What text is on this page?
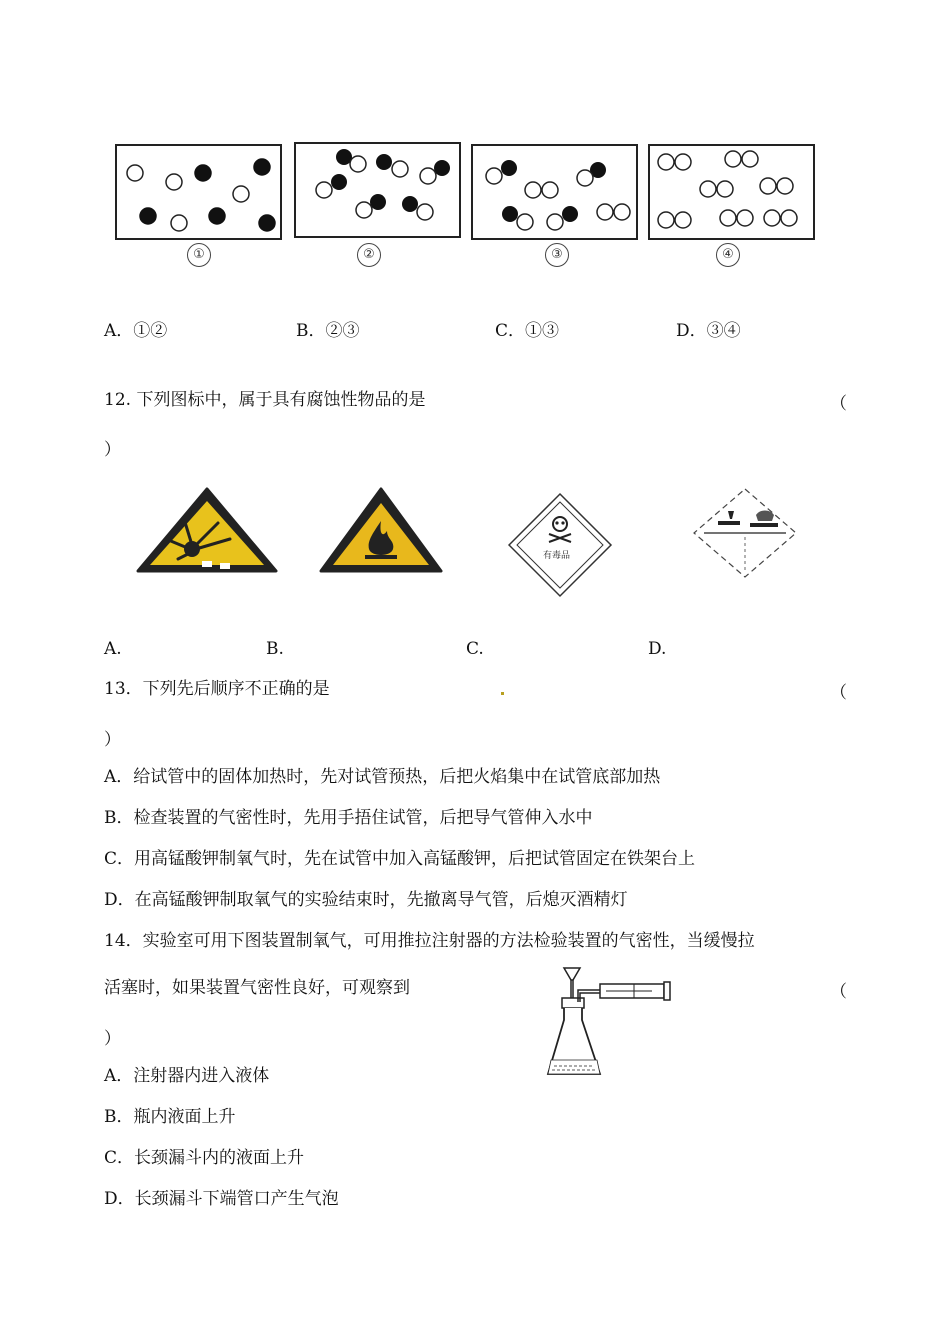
①	②	③	④
A．①②	B．②③	C．①③	D．③④
12. 下列图标中，属于具有腐蚀性物品的是	（
）
有毒品
A.	B.	C.	D.
13．下列先后顺序不正确的是	（
）
A．给试管中的固体加热时，先对试管预热，后把火焰集中在试管底部加热
B．检查装置的气密性时，先用手捂住试管，后把导气管伸入水中
C．用高锰酸钾制氧气时，先在试管中加入高锰酸钾，后把试管固定在铁架台上
D．在高锰酸钾制取氧气的实验结束时，先撤离导气管，后熄灭酒精灯
14．实验室可用下图装置制氧气，可用推拉注射器的方法检验装置的气密性，当缓慢拉
活塞时，如果装置气密性良好，可观察到	（
）
A．注射器内进入液体
B．瓶内液面上升
C．长颈漏斗内的液面上升
D．长颈漏斗下端管口产生气泡
